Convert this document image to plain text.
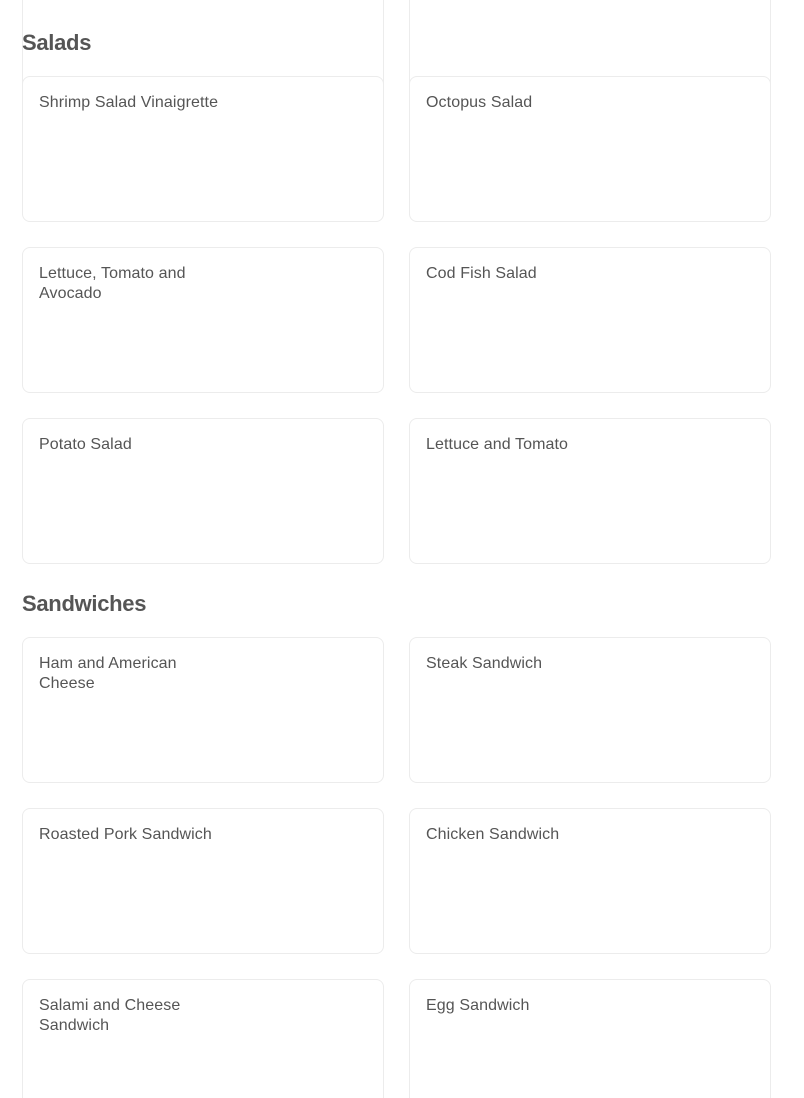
Salads
Shrimp Salad Vinaigrette	Octopus Salad
Lettuce, Tomato and Avocado
Cod Fish Salad
Potato Salad	Lettuce and Tomato
Sandwiches
Ham and American Cheese
Steak Sandwich
Roasted Pork Sandwich	Chicken Sandwich
Salami and Cheese Sandwich
Egg Sandwich
